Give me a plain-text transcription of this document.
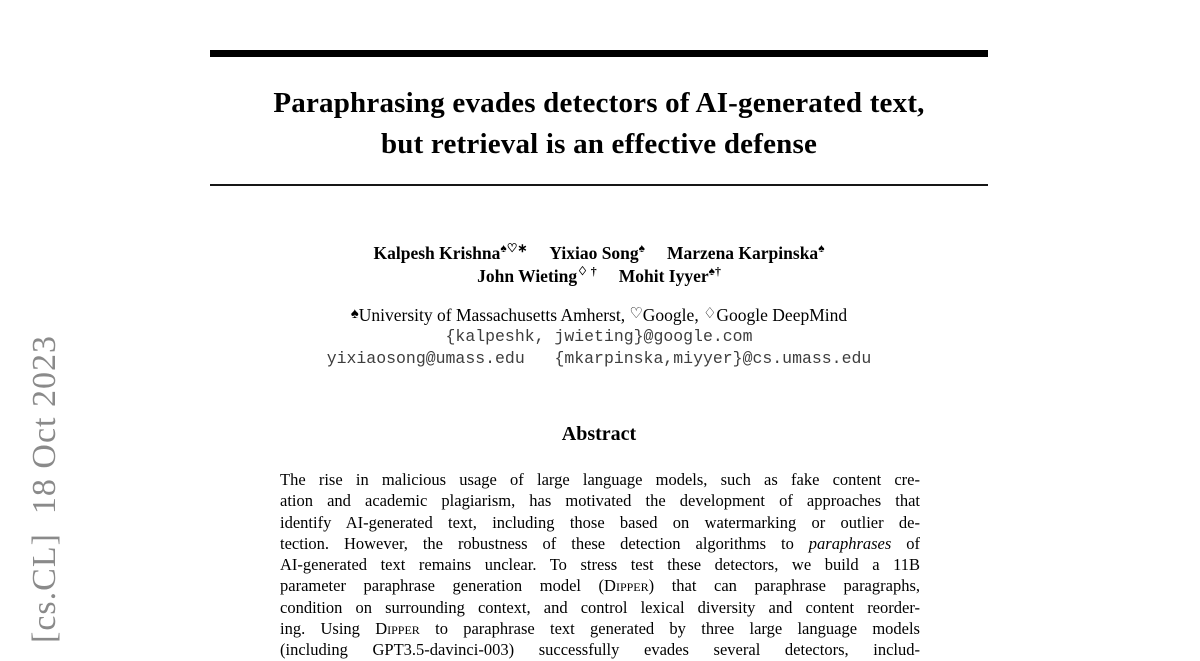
[cs.CL]  18 Oct 2023
Paraphrasing evades detectors of AI-generated text,
but retrieval is an effective defense
Kalpesh Krishna♠♡∗ Yixiao Song♠ Marzena Karpinska♠
John Wieting♢ † Mohit Iyyer♠†
♠University of Massachusetts Amherst, ♡Google, ♢Google DeepMind
{kalpeshk, jwieting}@google.com
yixiaosong@umass.edu   {mkarpinska,miyyer}@cs.umass.edu
Abstract
The rise in malicious usage of large language models, such as fake content cre-
ation and academic plagiarism, has motivated the development of approaches that
identify AI-generated text, including those based on watermarking or outlier de-
tection. However, the robustness of these detection algorithms to paraphrases of
AI-generated text remains unclear. To stress test these detectors, we build a 11B
parameter paraphrase generation model (Dipper) that can paraphrase paragraphs,
condition on surrounding context, and control lexical diversity and content reorder-
ing. Using Dipper to paraphrase text generated by three large language models
(including GPT3.5-davinci-003) successfully evades several detectors, includ-
